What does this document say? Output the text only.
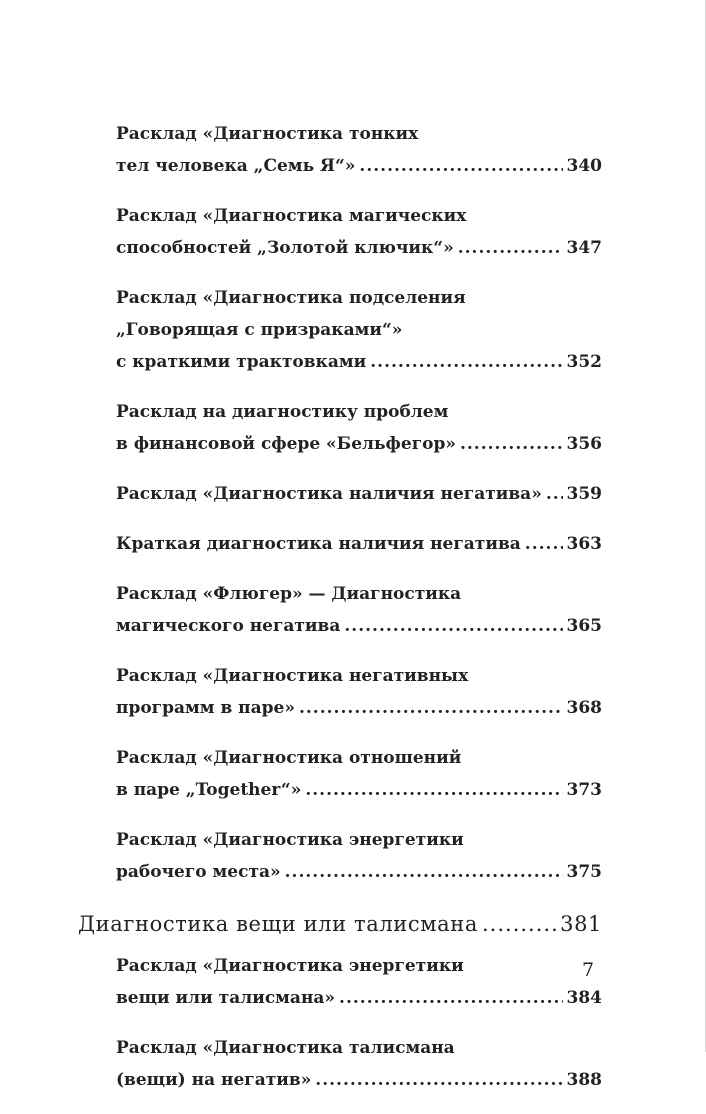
Расклад «Диагностика тонких
тел человека „Семь Я“» .....	340
Расклад «Диагностика магических
способностей „Золотой ключик“» .....	347
Расклад «Диагностика подселения
„Говорящая с призраками“»
с краткими трактовками .....	352
Расклад на диагностику проблем
в финансовой сфере «Бельфегор» .....	356
Расклад «Диагностика наличия негатива» ..... 359
Краткая диагностика наличия негатива .....	363
Расклад «Флюгер» — Диагностика
магического негатива .....	365
Расклад «Диагностика негативных
программ в паре» .....	368
Расклад «Диагностика отношений
в паре „Together“» .....	373
Расклад «Диагностика энергетики
рабочего места» .....	375
Диагностика вещи или талисмана .....	381
Расклад «Диагностика энергетики
вещи или талисмана» .....	384
Расклад «Диагностика талисмана
(вещи) на негатив» .....	388
7
